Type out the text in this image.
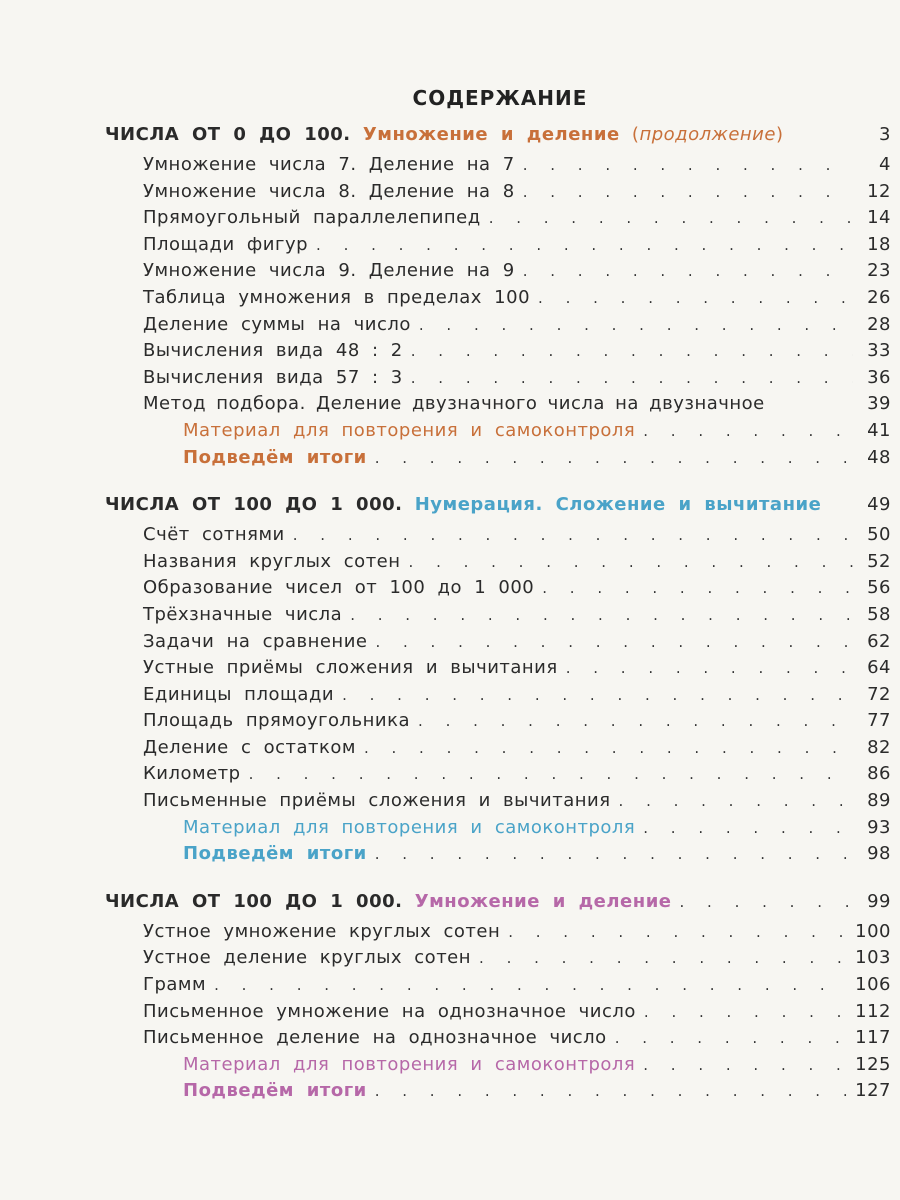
СОДЕРЖАНИЕ
ЧИСЛА ОТ 0 ДО 100. Умножение и деление (продолжение)	3
Умножение числа 7. Деление на 7 . . .	4
Умножение числа 8. Деление на 8 . . .	12
Прямоугольный параллелепипед . . .	14
Площади фигур . . .	18
Умножение числа 9. Деление на 9 . . .	23
Таблица умножения в пределах 100 . . .	26
Деление суммы на число . . .	28
Вычисления вида 48 : 2 . . .	33
Вычисления вида 57 : 3 . . .	36
Метод подбора. Деление двузначного числа на двузначное	39
Материал для повторения и самоконтроля . . .	41
Подведём итоги . . .	48
ЧИСЛА ОТ 100 ДО 1 000. Нумерация. Сложение и вычитание	49
Счёт сотнями . . .	50
Названия круглых сотен . . .	52
Образование чисел от 100 до 1 000 . . .	56
Трёхзначные числа . . .	58
Задачи на сравнение . . .	62
Устные приёмы сложения и вычитания . . .	64
Единицы площади . . .	72
Площадь прямоугольника . . .	77
Деление с остатком . . .	82
Километр . . .	86
Письменные приёмы сложения и вычитания . . .	89
Материал для повторения и самоконтроля . . .	93
Подведём итоги . . .	98
ЧИСЛА ОТ 100 ДО 1 000. Умножение и деление . . .	99
Устное умножение круглых сотен . . .	100
Устное деление круглых сотен . . .	103
Грамм . . .	106
Письменное умножение на однозначное число . . .	112
Письменное деление на однозначное число . . .	117
Материал для повторения и самоконтроля . . .	125
Подведём итоги . . .	127
